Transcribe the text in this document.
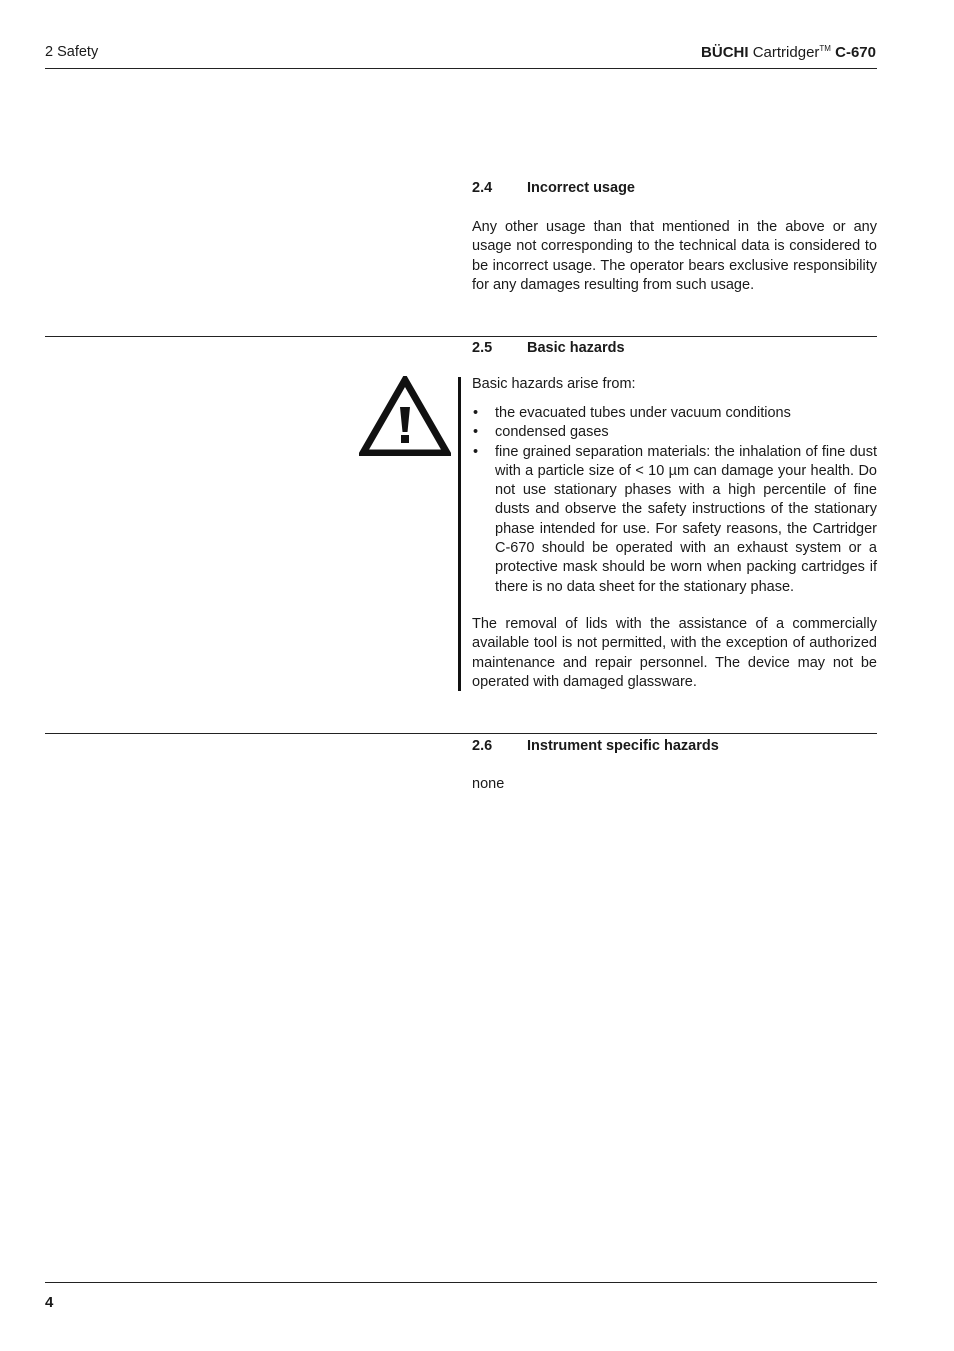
2 Safety	BÜCHI Cartridger™ C-670
2.4 Incorrect usage
Any other usage than that mentioned in the above or any usage not corresponding to the technical data is considered to be incorrect usage. The operator bears exclusive responsibility for any damages resulting from such usage.
2.5 Basic hazards
Basic hazards arise from:
• the evacuated tubes under vacuum conditions
• condensed gases
• fine grained separation materials: the inhalation of fine dust with a particle size of < 10 µm can damage your health. Do not use stationary phases with a high percentile of fine dusts and observe the safety instructions of the stationary phase intended for use. For safety reasons, the Cartridger C-670 should be operated with an exhaust system or a protective mask should be worn when packing cartridges if there is no data sheet for the stationary phase.
The removal of lids with the assistance of a commercially available tool is not permitted, with the exception of authorized maintenance and repair personnel. The device may not be operated with damaged glassware.
2.6 Instrument specific hazards
none
4
